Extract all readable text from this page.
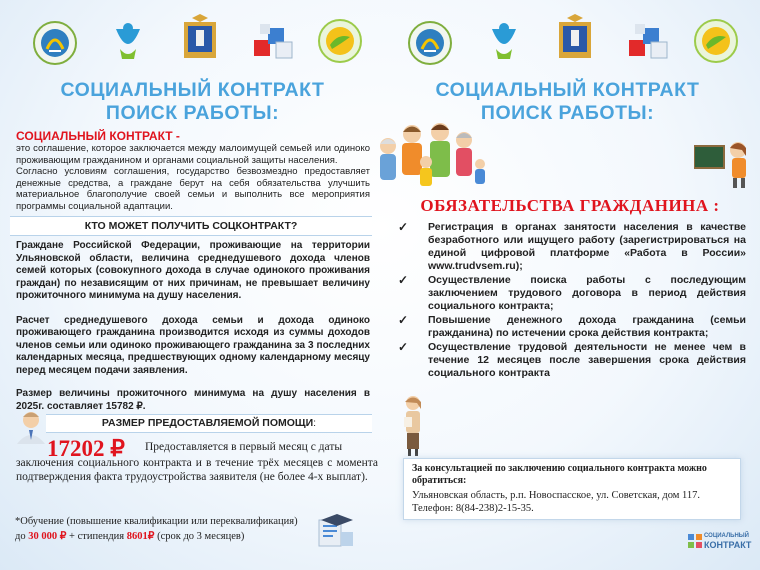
СОЦИАЛЬНЫЙ КОНТРАКТ
ПОИСК РАБОТЫ:
СОЦИАЛЬНЫЙ КОНТРАКТ
ПОИСК РАБОТЫ:
СОЦИАЛЬНЫЙ КОНТРАКТ -
это соглашение, которое заключается между малоимущей семьей или одиноко проживающим гражданином и органами социальной защиты населения.
Согласно условиям соглашения, государство безвозмездно предоставляет денежные средства, а граждане берут на себя обязательства улучшить материальное благополучие своей семьи и выполнить все мероприятия программы социальной адаптации.
КТО МОЖЕТ ПОЛУЧИТЬ СОЦКОНТРАКТ?
Граждане Российской Федерации, проживающие на территории Ульяновской области, величина среднедушевого дохода членов семей которых (совокупного дохода в случае одинокого проживания граждан) по независящим от них причинам, не превышает величину прожиточного минимума на душу населения.
Расчет среднедушевого дохода семьи и дохода одиноко проживающего гражданина производится исходя из суммы доходов членов семьи или одиноко проживающего гражданина за 3 последних календарных месяца, предшествующих одному календарному месяцу перед месяцем подачи заявления.
Размер величины прожиточного минимума на душу населения в 2025г. составляет 15782 ₽.
РАЗМЕР ПРЕДОСТАВЛЯЕМОЙ ПОМОЩИ:
17202 ₽ Предоставляется в первый месяц с даты
заключения социального контракта и в течение трёх месяцев с момента подтверждения факта трудоустройства заявителя (не более 4-х выплат).
*Обучение (повышение квалификации или переквалификация)
до 30 000 ₽ + стипендия 8601₽ (срок до 3 месяцев)
ОБЯЗАТЕЛЬСТВА ГРАЖДАНИНА :
✓ Регистрация в органах занятости населения в качестве безработного или ищущего работу (зарегистрироваться на единой цифровой платформе «Работа в России» www.trudvsem.ru);
✓ Осуществление поиска работы с последующим заключением трудового договора в период действия социального контракта;
✓ Повышение денежного дохода гражданина (семьи гражданина) по истечении срока действия контракта;
✓ Осуществление трудовой деятельности не менее чем в течение 12 месяцев после завершения срока действия социального контракта
За консультацией по заключению социального контракта можно обратиться:
Ульяновская область, р.п. Новоспасское, ул. Советская, дом 117.
Телефон: 8(84-238)2-15-35.
СОЦИАЛЬНЫЙ
КОНТРАКТ
